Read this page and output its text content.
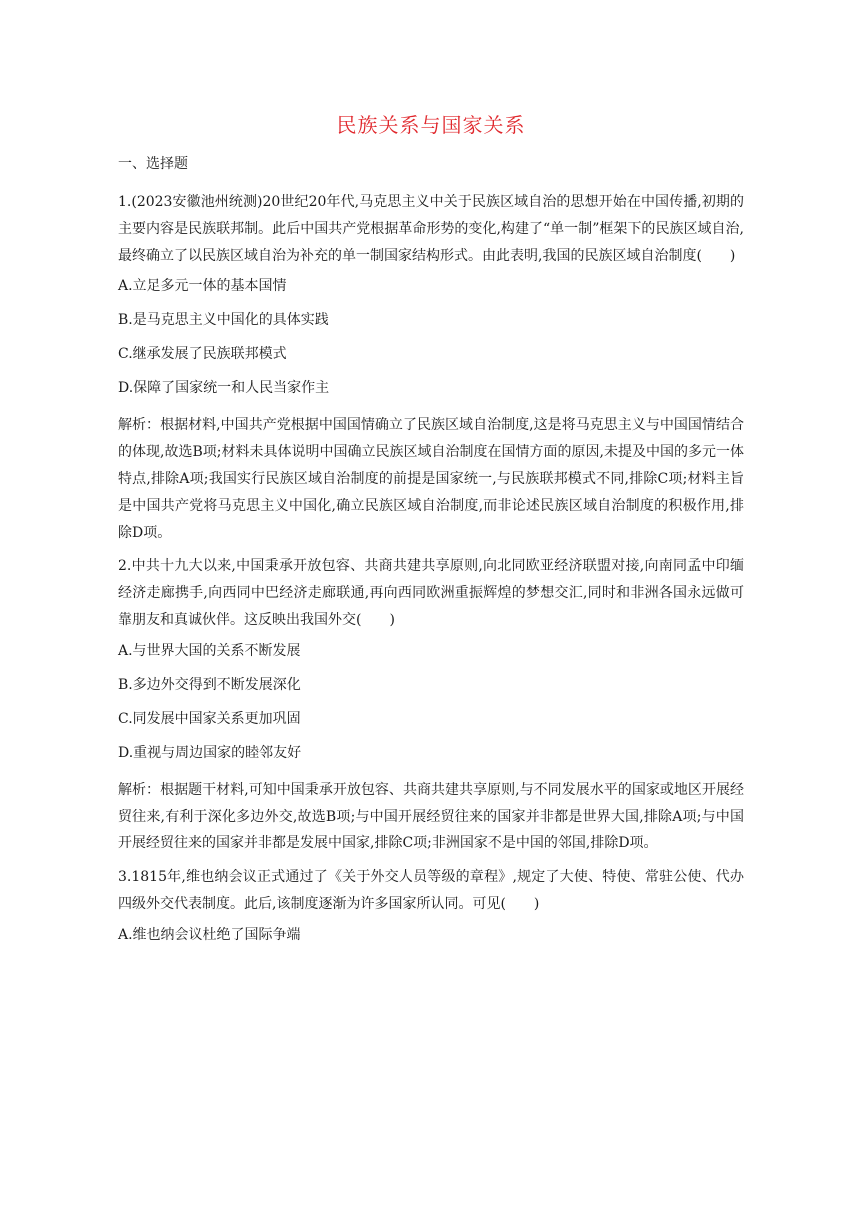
民族关系与国家关系
一、选择题

1.(2023安徽池州统测)20世纪20年代,马克思主义中关于民族区域自治的思想开始在中国传播,初期的主要内容是民族联邦制。此后中国共产党根据革命形势的变化,构建了“单一制”框架下的民族区域自治,最终确立了以民族区域自治为补充的单一制国家结构形式。由此表明,我国的民族区域自治制度(　　)

A.立足多元一体的基本国情
B.是马克思主义中国化的具体实践
C.继承发展了民族联邦模式
D.保障了国家统一和人民当家作主

解析：根据材料,中国共产党根据中国国情确立了民族区域自治制度,这是将马克思主义与中国国情结合的体现,故选B项;材料未具体说明中国确立民族区域自治制度在国情方面的原因,未提及中国的多元一体特点,排除A项;我国实行民族区域自治制度的前提是国家统一,与民族联邦模式不同,排除C项;材料主旨是中国共产党将马克思主义中国化,确立民族区域自治制度,而非论述民族区域自治制度的积极作用,排除D项。

2.中共十九大以来,中国秉承开放包容、共商共建共享原则,向北同欧亚经济联盟对接,向南同孟中印缅经济走廊携手,向西同中巴经济走廊联通,再向西同欧洲重振辉煌的梦想交汇,同时和非洲各国永远做可靠朋友和真诚伙伴。这反映出我国外交(　　)

A.与世界大国的关系不断发展
B.多边外交得到不断发展深化
C.同发展中国家关系更加巩固
D.重视与周边国家的睦邻友好

解析：根据题干材料,可知中国秉承开放包容、共商共建共享原则,与不同发展水平的国家或地区开展经贸往来,有利于深化多边外交,故选B项;与中国开展经贸往来的国家并非都是世界大国,排除A项;与中国开展经贸往来的国家并非都是发展中国家,排除C项;非洲国家不是中国的邻国,排除D项。

3.1815年,维也纳会议正式通过了《关于外交人员等级的章程》,规定了大使、特使、常驻公使、代办四级外交代表制度。此后,该制度逐渐为许多国家所认同。可见(　　)

A.维也纳会议杜绝了国际争端
